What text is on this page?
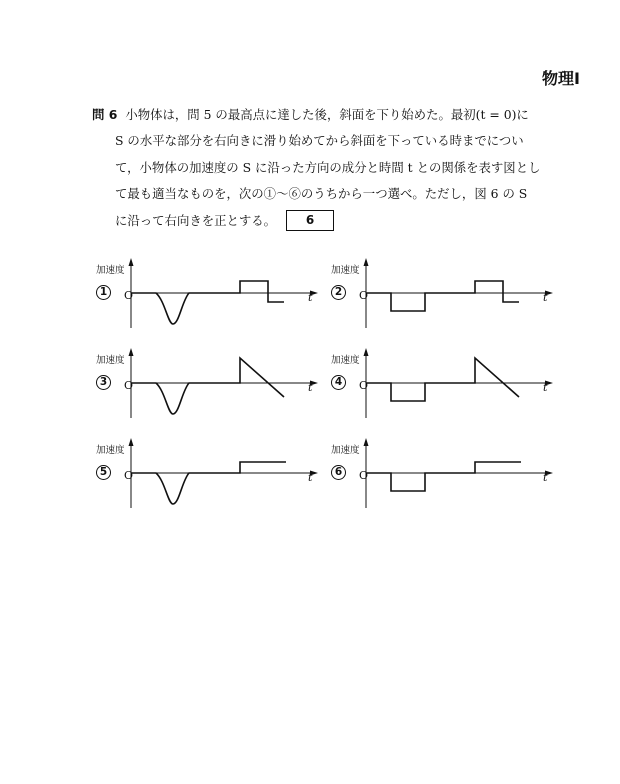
物理Ⅰ
問 6 小物体は，問 5 の最高点に達した後，斜面を下り始めた。最初(t = 0)に
S の水平な部分を右向きに滑り始めてから斜面を下っている時までについ
て，小物体の加速度の S に沿った方向の成分と時間 t との関係を表す図とし
て最も適当なものを，次の①～⑥のうちから一つ選べ。ただし，図 6 の S
に沿って右向きを正とする。 6
加速度
1	O	t
加速度
2	O	t
加速度
3	O	t
加速度
4	O	t
加速度
5	O	t
加速度
6	O	t
